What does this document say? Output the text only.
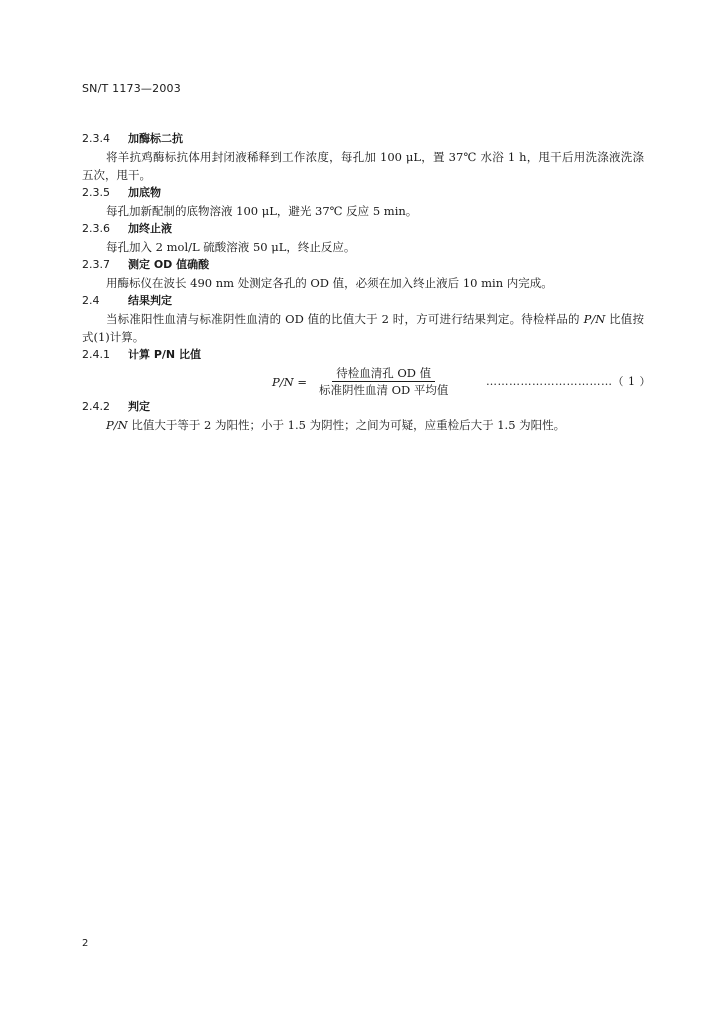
SN/T 1173—2003
2.3.4 加酶标二抗

将羊抗鸡酶标抗体用封闭液稀释到工作浓度，每孔加 100 μL，置 37℃ 水浴 1 h，甩干后用洗涤液洗涤五次，甩干。

2.3.5 加底物

每孔加新配制的底物溶液 100 μL，避光 37℃ 反应 5 min。

2.3.6 加终止液

每孔加入 2 mol/L 硫酸溶液 50 μL，终止反应。

2.3.7 测定 OD 值确酸

用酶标仪在波长 490 nm 处测定各孔的 OD 值，必须在加入终止液后 10 min 内完成。

2.4	结果判定

当标准阳性血清与标准阴性血清的 OD 值的比值大于 2 时，方可进行结果判定。待检样品的 P/N 比值按式(1)计算。

2.4.1 计算 P/N 比值
$P/N = \frac{\text{待检血清孔 OD 值}}{\text{标准阴性血清 OD 平均值}}$	……………………………（ 1 ）
2.4.2 判定

P/N 比值大于等于 2 为阳性；小于 1.5 为阴性；之间为可疑，应重检后大于 1.5 为阳性。

2
